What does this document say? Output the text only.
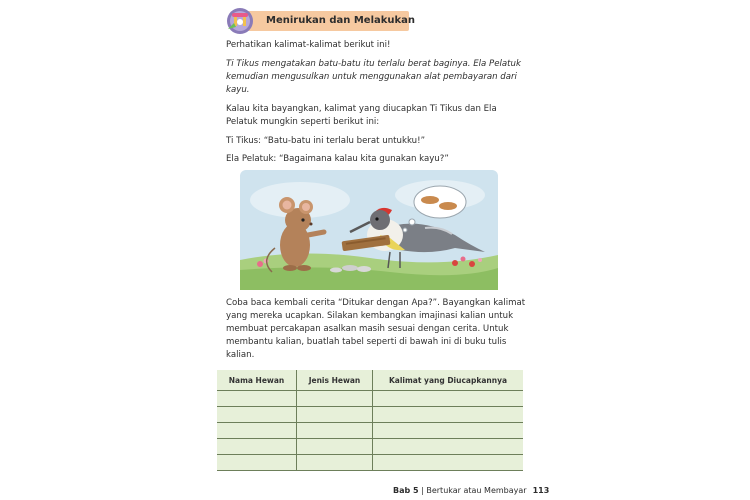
Menirukan dan Melakukan

Perhatikan kalimat-kalimat berikut ini!

Ti Tikus mengatakan batu-batu itu terlalu berat baginya. Ela Pelatuk

kemudian mengusulkan untuk menggunakan alat pembayaran dari

kayu.

Kalau kita bayangkan, kalimat yang diucapkan Ti Tikus dan Ela

Pelatuk mungkin seperti berikut ini:

Ti Tikus: “Batu-batu ini terlalu berat untukku!”

Ela Pelatuk: “Bagaimana kalau kita gunakan kayu?”

Coba baca kembali cerita “Ditukar dengan Apa?”. Bayangkan kalimat

yang mereka ucapkan. Silakan kembangkan imajinasi kalian untuk

membuat percakapan asalkan masih sesuai dengan cerita. Untuk

membantu kalian, buatlah tabel seperti di bawah ini di buku tulis

kalian.

Nama Hewan	Jenis Hewan	Kalimat yang Diucapkannya

Bab 5 | Bertukar atau Membayar 113
